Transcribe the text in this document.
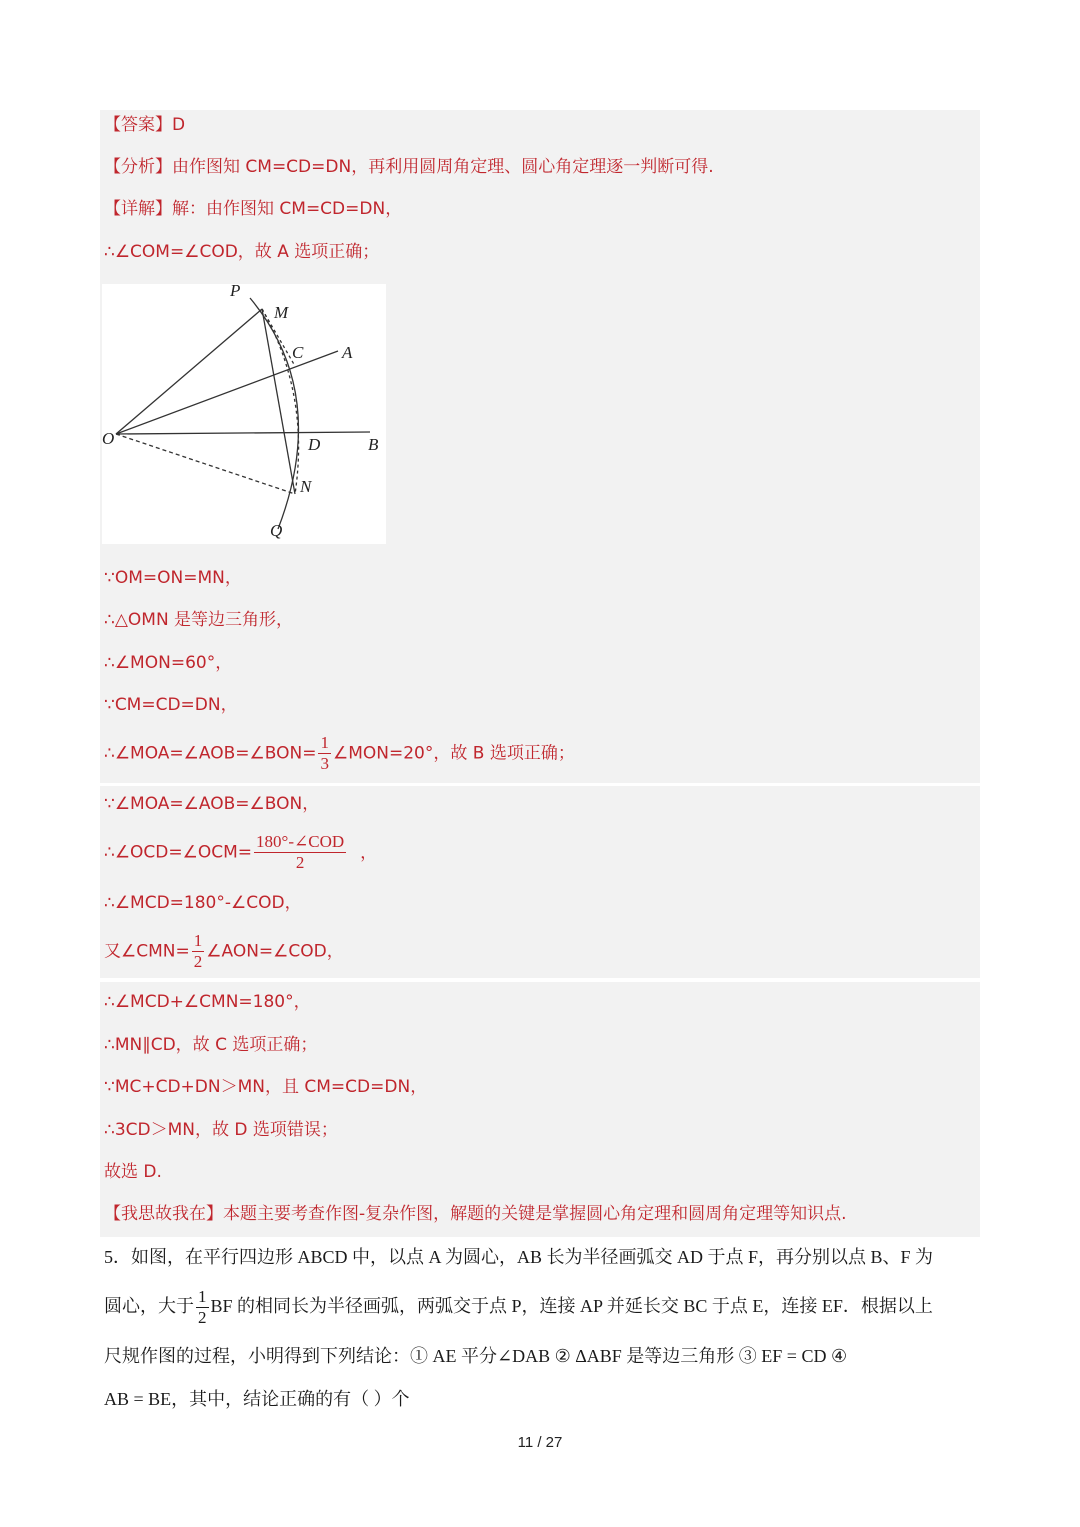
【答案】D
【分析】由作图知 CM=CD=DN，再利用圆周角定理、圆心角定理逐一判断可得.
【详解】解：由作图知 CM=CD=DN，
∴∠COM=∠COD，故 A 选项正确；
P
M
C A
O	D	B
N
Q
∵OM=ON=MN，
∴△OMN 是等边三角形，
∴∠MON=60°，
∵CM=CD=DN，
∴∠MOA=∠AOB=∠BON= $\frac{1}{3}$ ∠MON=20°，故 B 选项正确；
∵∠MOA=∠AOB=∠BON，
∴∠OCD=∠OCM= $\frac{\text{180°-∠COD}}{2}$ ，
∴∠MCD=180°-∠COD，
又∠CMN= $\frac{1}{2}$ ∠AON=∠COD，
∴∠MCD+∠CMN=180°，
∴MN∥CD，故 C 选项正确；
∵MC+CD+DN＞MN，且 CM=CD=DN，
∴3CD＞MN，故 D 选项错误；
故选 D.
【我思故我在】本题主要考查作图-复杂作图，解题的关键是掌握圆心角定理和圆周角定理等知识点.
5．如图，在平行四边形 ABCD 中，以点 A 为圆心，AB 长为半径画弧交 AD 于点 F，再分别以点 B、F 为
圆心，大于 $\frac{1}{2}$ BF 的相同长为半径画弧，两弧交于点 P，连接 AP 并延长交 BC 于点 E，连接 EF．根据以上
尺规作图的过程，小明得到下列结论：① AE 平分∠DAB ② ΔABF 是等边三角形 ③ EF = CD ④
AB = BE，其中，结论正确的有（ ）个
11 / 27
